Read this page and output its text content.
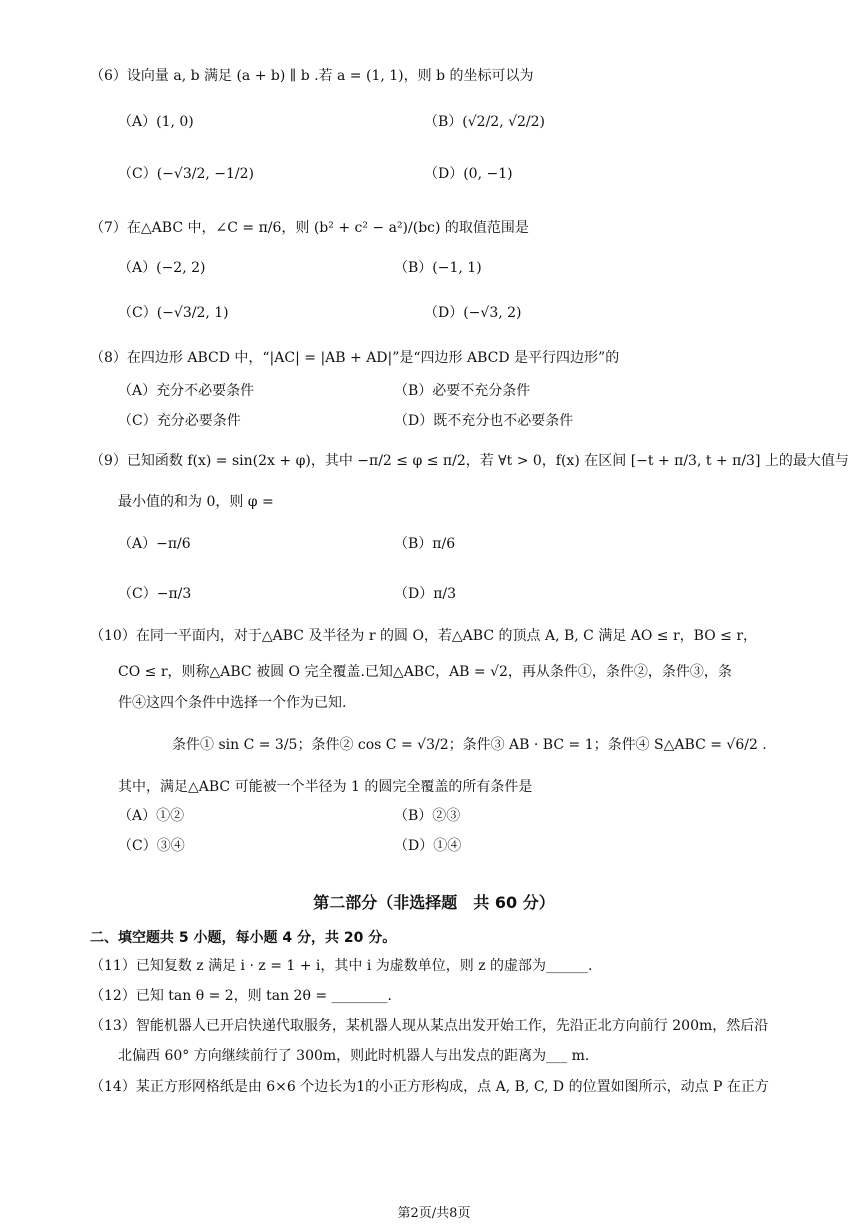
（6）设向量 a, b 满足 (a + b) ∥ b .若 a = (1, 1)，则 b 的坐标可以为
（A）(1, 0)	（B）(√2/2, √2/2)
（C）(−√3/2, −1/2)	（D）(0, −1)
（7）在△ABC 中，∠C = π/6，则 (b² + c² − a²)/(bc) 的取值范围是
（A）(−2, 2)	（B）(−1, 1)
（C）(−√3/2, 1)	（D）(−√3, 2)
（8）在四边形 ABCD 中，“|AC| = |AB + AD|”是“四边形 ABCD 是平行四边形”的
（A）充分不必要条件	（B）必要不充分条件
（C）充分必要条件	（D）既不充分也不必要条件
（9）已知函数 f(x) = sin(2x + φ)，其中 −π/2 ≤ φ ≤ π/2，若 ∀t > 0，f(x) 在区间 [−t + π/3, t + π/3] 上的最大值与
最小值的和为 0，则 φ =
（A）−π/6	（B）π/6
（C）−π/3	（D）π/3
（10）在同一平面内，对于△ABC 及半径为 r 的圆 O，若△ABC 的顶点 A, B, C 满足 AO ≤ r，BO ≤ r，
CO ≤ r，则称△ABC 被圆 O 完全覆盖.已知△ABC，AB = √2，再从条件①，条件②，条件③，条
件④这四个条件中选择一个作为已知.
条件① sin C = 3/5；条件② cos C = √3/2；条件③ AB · BC = 1；条件④ S△ABC = √6/2 .
其中，满足△ABC 可能被一个半径为 1 的圆完全覆盖的所有条件是
（A）①②	（B）②③
（C）③④	（D）①④
第二部分（非选择题　共 60 分）
二、填空题共 5 小题，每小题 4 分，共 20 分。
（11）已知复数 z 满足 i · z = 1 + i，其中 i 为虚数单位，则 z 的虚部为______.
（12）已知 tan θ = 2，则 tan 2θ = ________.
（13）智能机器人已开启快递代取服务，某机器人现从某点出发开始工作，先沿正北方向前行 200m，然后沿
北偏西 60° 方向继续前行了 300m，则此时机器人与出发点的距离为___ m.
（14）某正方形网格纸是由 6×6 个边长为1的小正方形构成，点 A, B, C, D 的位置如图所示，动点 P 在正方
第2页/共8页
